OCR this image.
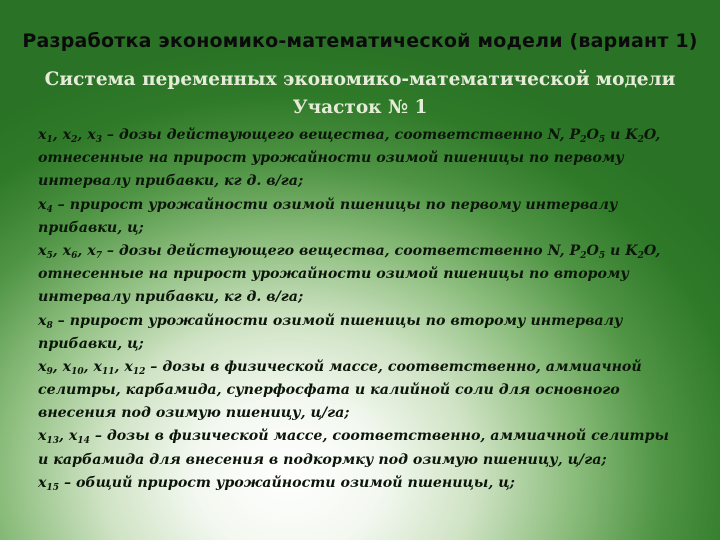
Разработка экономико-математической модели (вариант 1)
Система переменных экономико-математической модели
Участок № 1
$x_1$, $x_2$, $x_3$ – дозы действующего вещества, соответственно N, $P_2O_5$ и $K_2O$,
отнесенные на прирост урожайности озимой пшеницы по первому
интервалу прибавки, кг д. в/га;
$x_4$ – прирост урожайности озимой пшеницы по первому интервалу
прибавки, ц;
$x_5$, $x_6$, $x_7$ – дозы действующего вещества, соответственно N, $P_2O_5$ и $K_2O$,
отнесенные на прирост урожайности озимой пшеницы по второму
интервалу прибавки, кг д. в/га;
$x_8$ – прирост урожайности озимой пшеницы по второму интервалу
прибавки, ц;
$x_9$, $x_{10}$, $x_{11}$, $x_{12}$ – дозы в физической массе, соответственно, аммиачной
селитры, карбамида, суперфосфата и калийной соли для основного
внесения под озимую пшеницу, ц/га;
$x_{13}$, $x_{14}$ – дозы в физической массе, соответственно, аммиачной селитры
и карбамида для внесения в подкормку под озимую пшеницу, ц/га;
$x_{15}$ – общий прирост урожайности озимой пшеницы, ц;
